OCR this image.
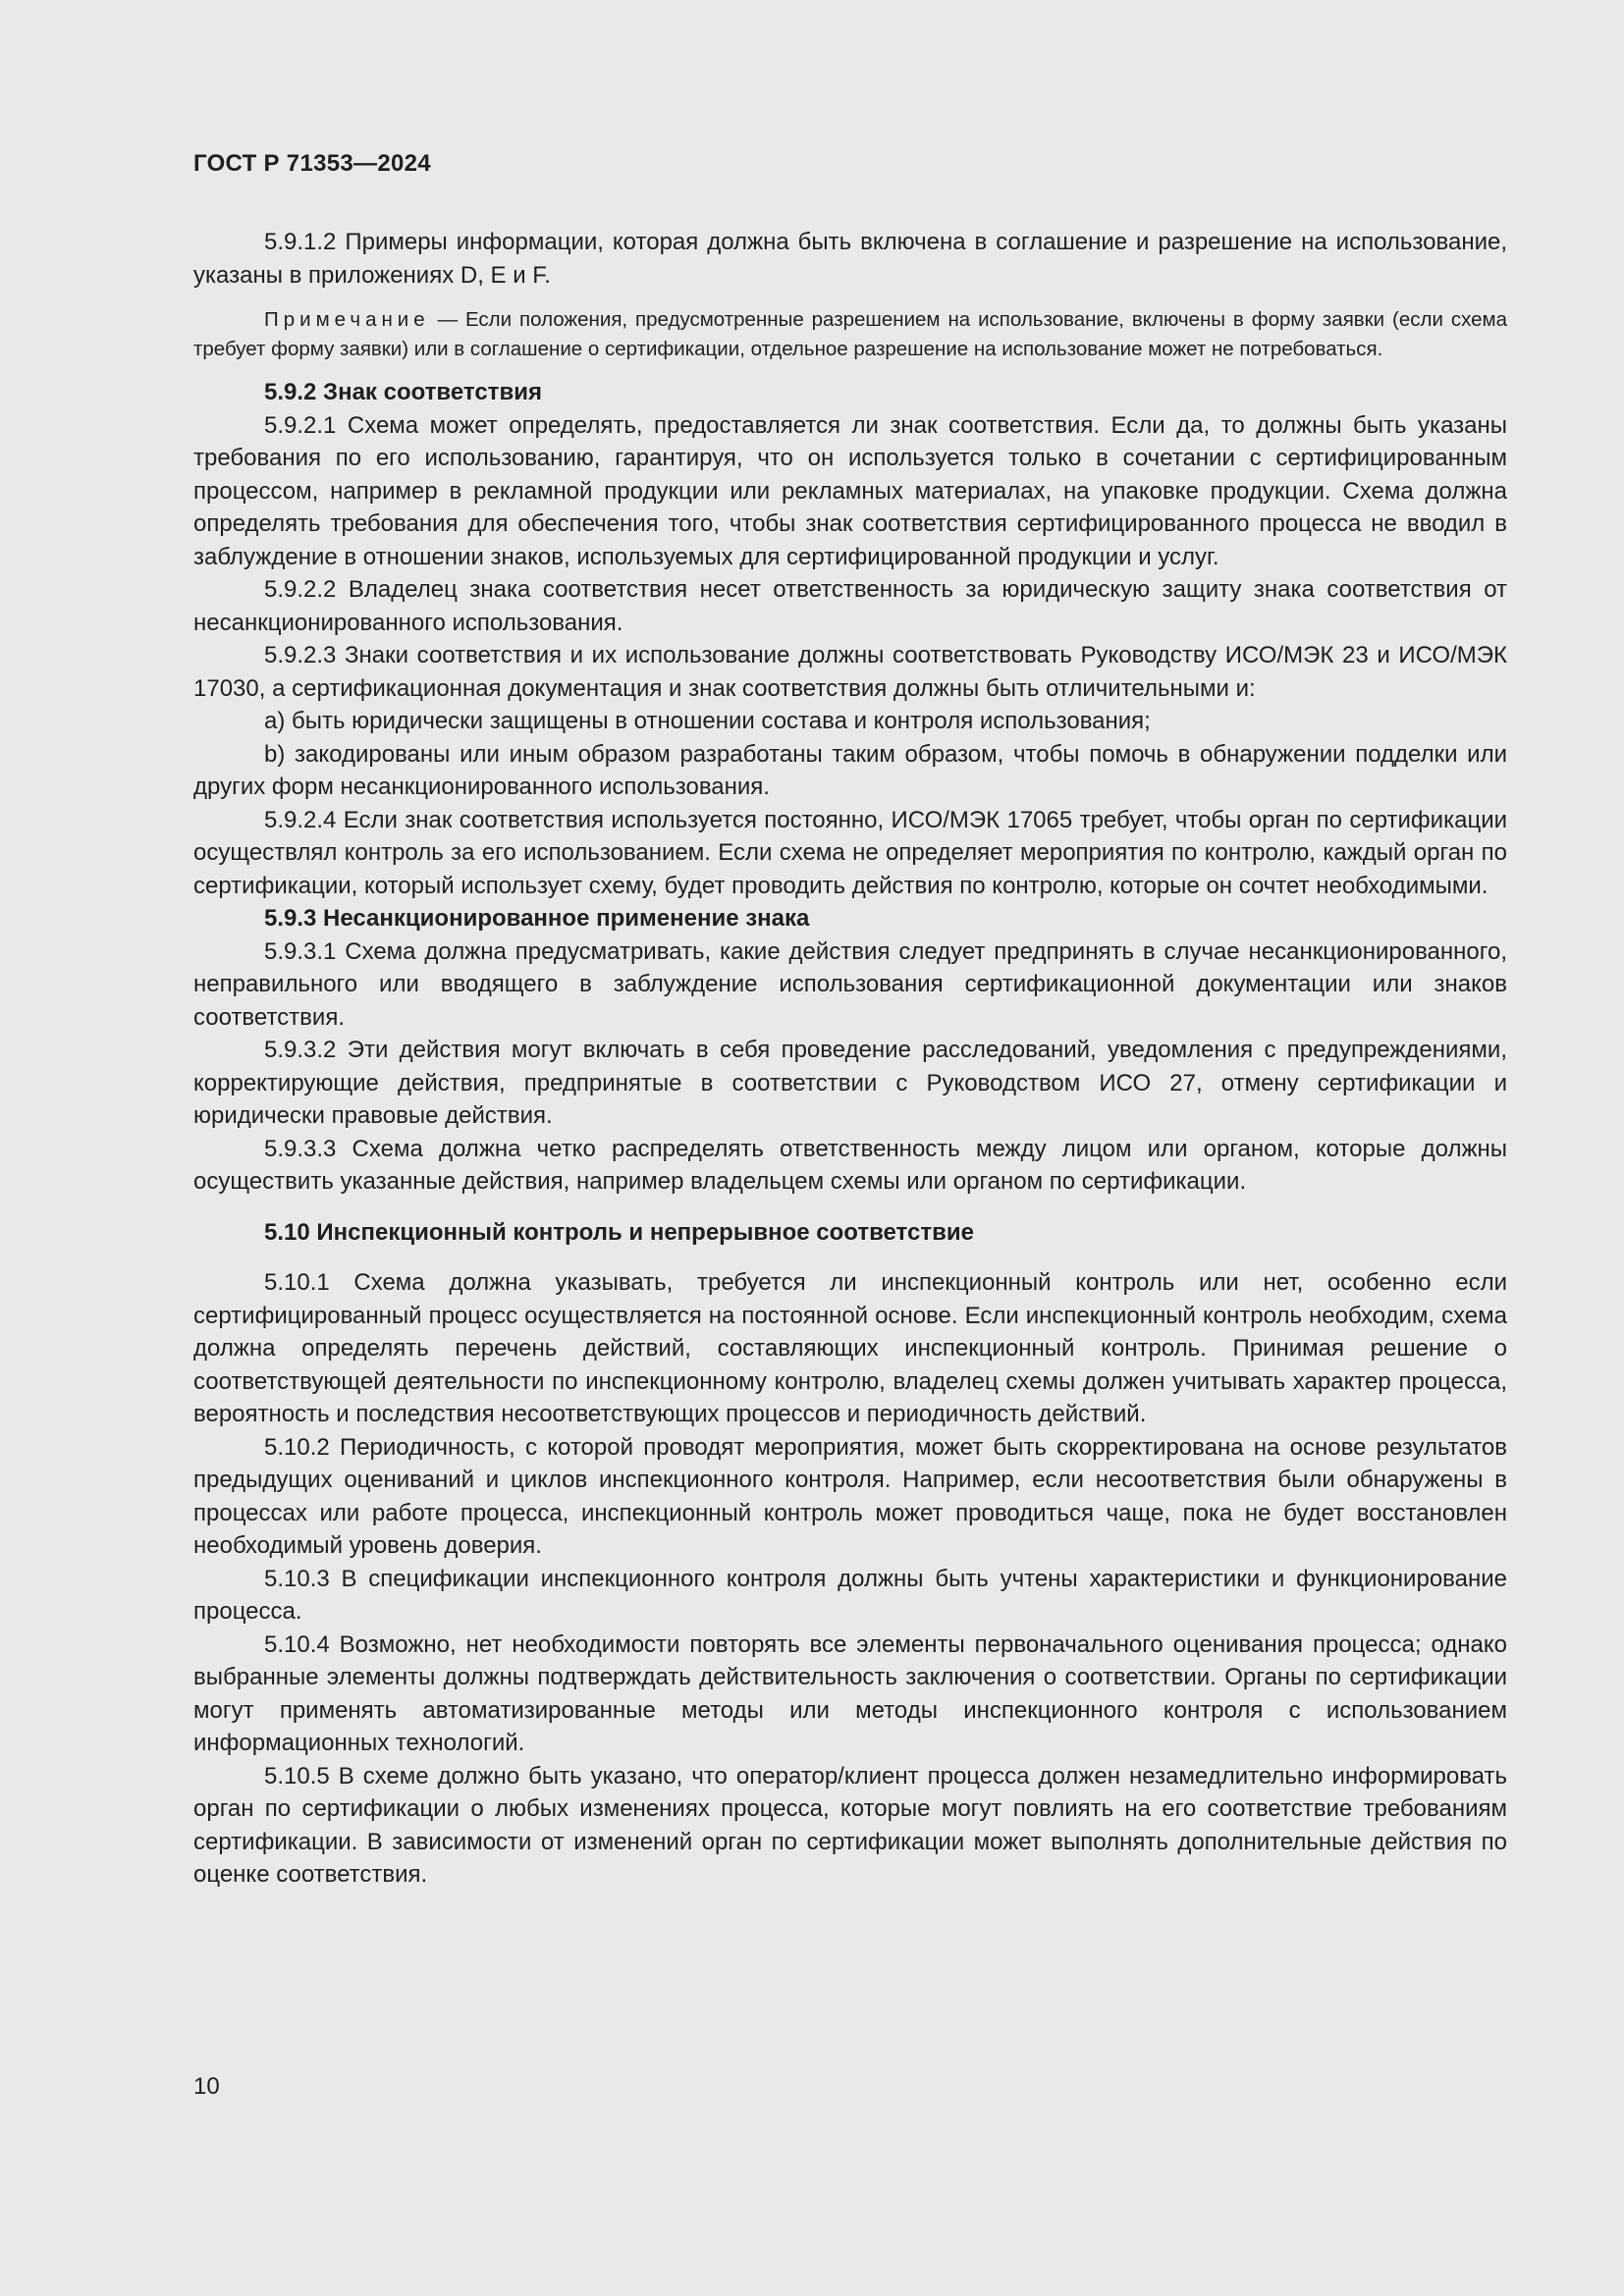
ГОСТ Р 71353—2024

5.9.1.2 Примеры информации, которая должна быть включена в соглашение и разрешение на использование, указаны в приложениях D, E и F.

Примечание — Если положения, предусмотренные разрешением на использование, включены в форму заявки (если схема требует форму заявки) или в соглашение о сертификации, отдельное разрешение на использование может не потребоваться.

5.9.2 Знак соответствия

5.9.2.1 Схема может определять, предоставляется ли знак соответствия. Если да, то должны быть указаны требования по его использованию, гарантируя, что он используется только в сочетании с сертифицированным процессом, например в рекламной продукции или рекламных материалах, на упаковке продукции. Схема должна определять требования для обеспечения того, чтобы знак соответствия сертифицированного процесса не вводил в заблуждение в отношении знаков, используемых для сертифицированной продукции и услуг.

5.9.2.2 Владелец знака соответствия несет ответственность за юридическую защиту знака соответствия от несанкционированного использования.

5.9.2.3 Знаки соответствия и их использование должны соответствовать Руководству ИСО/МЭК 23 и ИСО/МЭК 17030, а сертификационная документация и знак соответствия должны быть отличительными и:

a) быть юридически защищены в отношении состава и контроля использования;

b) закодированы или иным образом разработаны таким образом, чтобы помочь в обнаружении подделки или других форм несанкционированного использования.

5.9.2.4 Если знак соответствия используется постоянно, ИСО/МЭК 17065 требует, чтобы орган по сертификации осуществлял контроль за его использованием. Если схема не определяет мероприятия по контролю, каждый орган по сертификации, который использует схему, будет проводить действия по контролю, которые он сочтет необходимыми.

5.9.3 Несанкционированное применение знака

5.9.3.1 Схема должна предусматривать, какие действия следует предпринять в случае несанкционированного, неправильного или вводящего в заблуждение использования сертификационной документации или знаков соответствия.

5.9.3.2 Эти действия могут включать в себя проведение расследований, уведомления с предупреждениями, корректирующие действия, предпринятые в соответствии с Руководством ИСО 27, отмену сертификации и юридически правовые действия.

5.9.3.3 Схема должна четко распределять ответственность между лицом или органом, которые должны осуществить указанные действия, например владельцем схемы или органом по сертификации.

5.10 Инспекционный контроль и непрерывное соответствие

5.10.1 Схема должна указывать, требуется ли инспекционный контроль или нет, особенно если сертифицированный процесс осуществляется на постоянной основе. Если инспекционный контроль необходим, схема должна определять перечень действий, составляющих инспекционный контроль. Принимая решение о соответствующей деятельности по инспекционному контролю, владелец схемы должен учитывать характер процесса, вероятность и последствия несоответствующих процессов и периодичность действий.

5.10.2 Периодичность, с которой проводят мероприятия, может быть скорректирована на основе результатов предыдущих оцениваний и циклов инспекционного контроля. Например, если несоответствия были обнаружены в процессах или работе процесса, инспекционный контроль может проводиться чаще, пока не будет восстановлен необходимый уровень доверия.

5.10.3 В спецификации инспекционного контроля должны быть учтены характеристики и функционирование процесса.

5.10.4 Возможно, нет необходимости повторять все элементы первоначального оценивания процесса; однако выбранные элементы должны подтверждать действительность заключения о соответствии. Органы по сертификации могут применять автоматизированные методы или методы инспекционного контроля с использованием информационных технологий.

5.10.5 В схеме должно быть указано, что оператор/клиент процесса должен незамедлительно информировать орган по сертификации о любых изменениях процесса, которые могут повлиять на его соответствие требованиям сертификации. В зависимости от изменений орган по сертификации может выполнять дополнительные действия по оценке соответствия.

10
